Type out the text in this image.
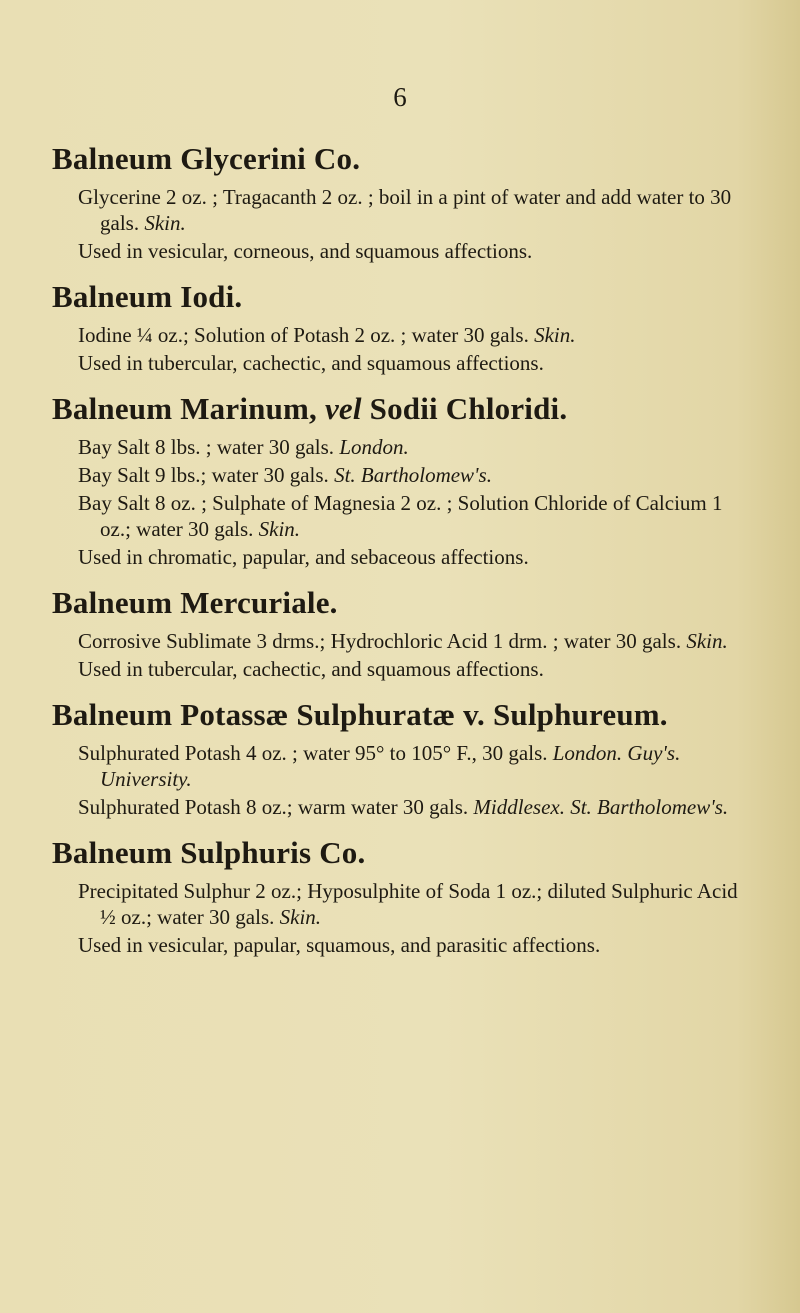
6
Balneum Glycerini Co.

Glycerine 2 oz. ; Tragacanth 2 oz. ; boil in a pint of water and add water to 30 gals. Skin.

Used in vesicular, corneous, and squamous affections.

Balneum Iodi.

Iodine ¼ oz.; Solution of Potash 2 oz. ; water 30 gals. Skin.

Used in tubercular, cachectic, and squamous affections.

Balneum Marinum, vel Sodii Chloridi.

Bay Salt 8 lbs. ; water 30 gals. London.

Bay Salt 9 lbs.; water 30 gals. St. Bartholomew's.

Bay Salt 8 oz. ; Sulphate of Magnesia 2 oz. ; Solution Chloride of Calcium 1 oz.; water 30 gals. Skin.

Used in chromatic, papular, and sebaceous affections.

Balneum Mercuriale.

Corrosive Sublimate 3 drms.; Hydrochloric Acid 1 drm. ; water 30 gals. Skin.

Used in tubercular, cachectic, and squamous affections.

Balneum Potassæ Sulphuratæ v. Sulphureum.

Sulphurated Potash 4 oz. ; water 95° to 105° F., 30 gals. London. Guy's. University.

Sulphurated Potash 8 oz.; warm water 30 gals. Middlesex. St. Bartholomew's.

Balneum Sulphuris Co.

Precipitated Sulphur 2 oz.; Hyposulphite of Soda 1 oz.; diluted Sulphuric Acid ½ oz.; water 30 gals. Skin.

Used in vesicular, papular, squamous, and parasitic affections.
